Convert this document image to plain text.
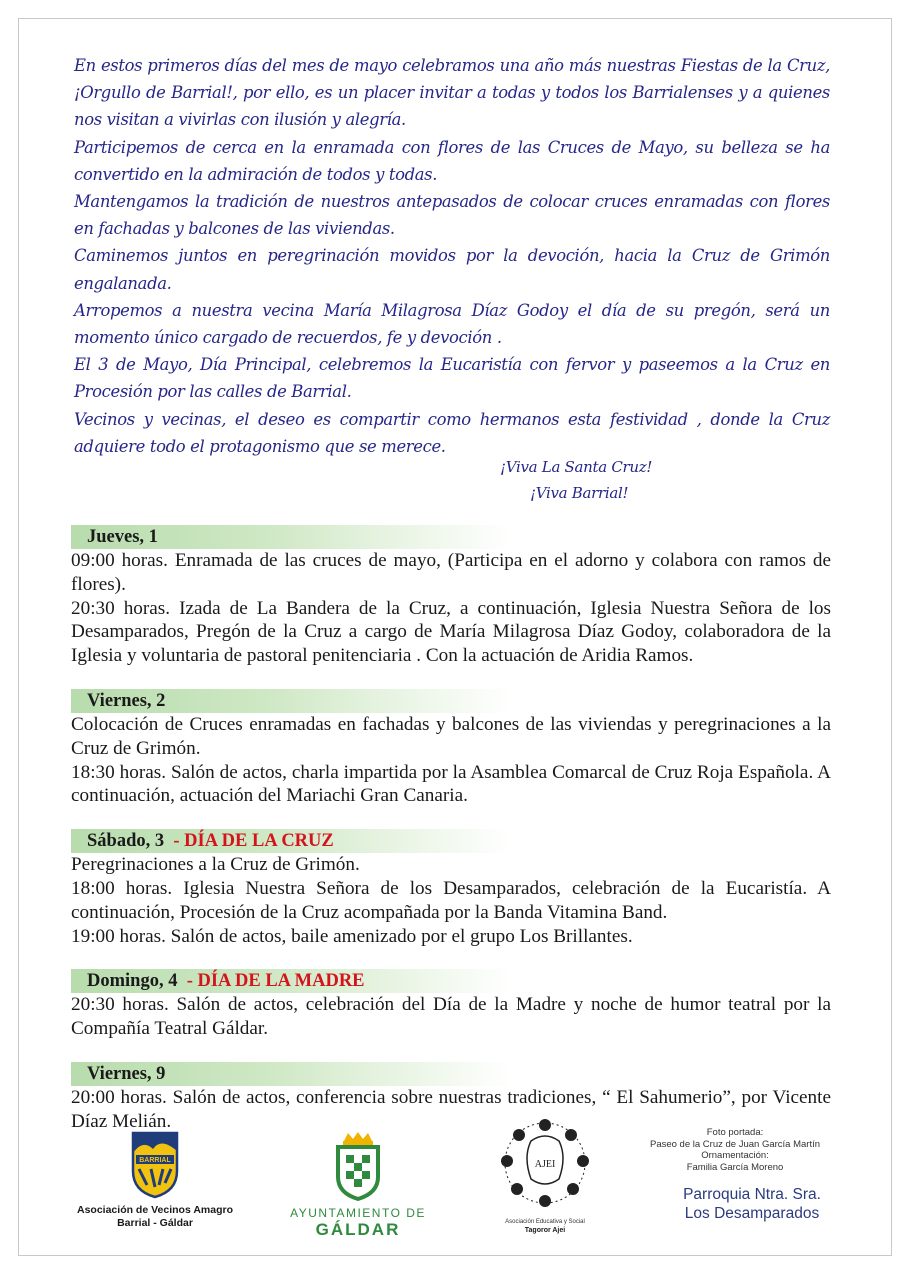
En estos primeros días del mes de mayo celebramos una año más nuestras Fiestas de la Cruz, ¡Orgullo de Barrial!, por ello, es un placer invitar a todas y todos los Barrialenses y a quienes nos visitan a vivirlas con ilusión y alegría.

Participemos de cerca en la enramada con flores de las Cruces de Mayo, su belleza se ha convertido en la admiración de todos y todas.

Mantengamos la tradición de nuestros antepasados de colocar cruces enramadas con flores en fachadas y balcones de las viviendas.

Caminemos juntos en peregrinación movidos por la devoción, hacia la Cruz de Grimón engalanada.

Arropemos a nuestra vecina María Milagrosa Díaz Godoy el día de su pregón, será un momento único cargado de recuerdos, fe y devoción .

El 3 de Mayo, Día Principal, celebremos la Eucaristía con fervor y paseemos a la Cruz en Procesión por las calles de Barrial.

Vecinos y vecinas, el deseo es compartir como hermanos esta festividad , donde la Cruz adquiere todo el protagonismo que se merece.

¡Viva La Santa Cruz!
¡Viva Barrial!
Jueves, 1

09:00 horas. Enramada de las cruces de mayo, (Participa en el adorno y colabora con ramos de flores).

20:30 horas. Izada de La Bandera de la Cruz, a continuación, Iglesia Nuestra Señora de los Desamparados, Pregón de la Cruz a cargo de María Milagrosa Díaz Godoy, colaboradora de la Iglesia y voluntaria de pastoral penitenciaria . Con la actuación de Aridia Ramos.

Viernes, 2

Colocación de Cruces enramadas en fachadas y balcones de las viviendas y peregrinaciones a la Cruz de Grimón.

18:30 horas. Salón de actos, charla impartida por la Asamblea Comarcal de Cruz Roja Española. A continuación, actuación del Mariachi Gran Canaria.

Sábado, 3 - DÍA DE LA CRUZ

Peregrinaciones a la Cruz de Grimón.

18:00 horas. Iglesia Nuestra Señora de los Desamparados, celebración de la Eucaristía. A continuación, Procesión de la Cruz acompañada por la Banda Vitamina Band.

19:00 horas. Salón de actos, baile amenizado por el grupo Los Brillantes.

Domingo, 4 - DÍA DE LA MADRE

20:30 horas. Salón de actos, celebración del Día de la Madre y noche de humor teatral por la Compañía Teatral Gáldar.

Viernes, 9

20:00 horas. Salón de actos, conferencia sobre nuestras tradiciones, “ El Sahumerio”, por Vicente Díaz Melián.

BARRIAL
Asociación de Vecinos Amagro
Barrial - Gáldar
AYUNTAMIENTO DE
GÁLDAR
AJEI
Asociación Educativa y Social
Tagoror Ajei
Foto portada:
Paseo de la Cruz de Juan García Martín
Ornamentación:
Familia García Moreno
Parroquia Ntra. Sra.
Los Desamparados
